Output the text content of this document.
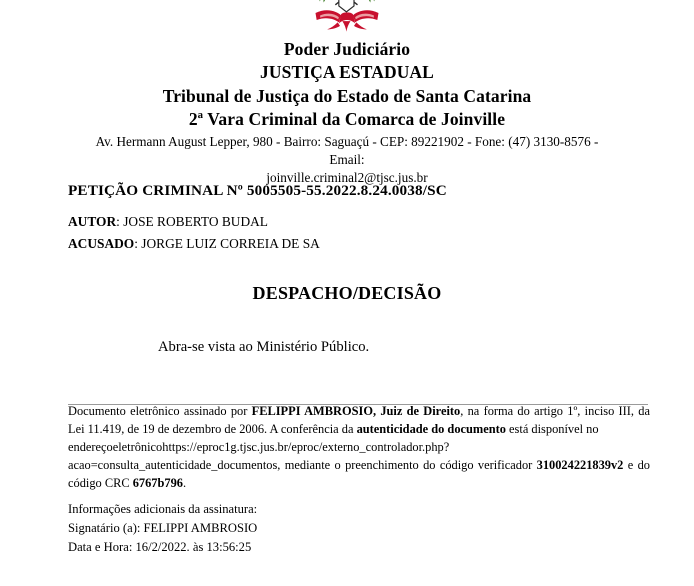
Poder Judiciário
JUSTIÇA ESTADUAL
Tribunal de Justiça do Estado de Santa Catarina
2ª Vara Criminal da Comarca de Joinville
Av. Hermann August Lepper, 980 - Bairro: Saguaçú - CEP: 89221902 - Fone: (47) 3130-8576 - Email:
joinville.criminal2@tjsc.jus.br
PETIÇÃO CRIMINAL Nº 5005505-55.2022.8.24.0038/SC
AUTOR: JOSE ROBERTO BUDAL
ACUSADO: JORGE LUIZ CORREIA DE SA
DESPACHO/DECISÃO
Abra-se vista ao Ministério Público.

Documento eletrônico assinado por FELIPPI AMBROSIO, Juiz de Direito, na forma do artigo 1º, inciso III, da Lei 11.419, de 19 de dezembro de 2006. A conferência da autenticidade do documento está disponível no

endereçoeletrônicohttps://eproc1g.tjsc.jus.br/eproc/externo_controlador.php?

acao=consulta_autenticidade_documentos, mediante o preenchimento do código verificador 310024221839v2 e do código CRC 6767b796.

Informações adicionais da assinatura:
Signatário (a): FELIPPI AMBROSIO
Data e Hora: 16/2/2022. às 13:56:25
